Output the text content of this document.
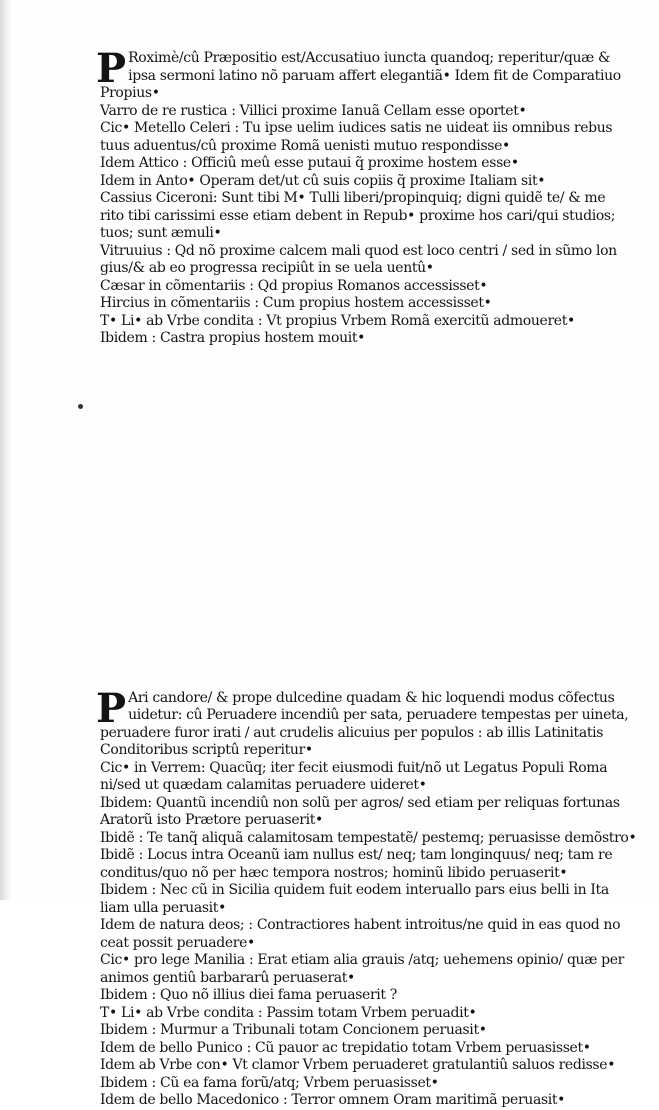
P Roximè/cû Præpositio est/Accusatiuo iuncta quandoq; reperitur/quæ &
ipsa sermoni latino nõ paruam affert elegantiã• Idem fit de Comparatiuo
Propius•
Varro de re rustica : Villici proxime Ianuã Cellam esse oportet•
Cic• Metello Celeri : Tu ipse uelim iudices satis ne uideat iis omnibus rebus
tuus aduentus/cû proxime Romã uenisti mutuo respondisse•
Idem Attico : Officiû meû esse putaui q̃ proxime hostem esse•
Idem in Anto• Operam det/ut cû suis copiis q̃ proxime Italiam sit•
Cassius Ciceroni: Sunt tibi M• Tulli liberi/propinquiq; digni quidẽ te/ & me
rito tibi carissimi esse etiam debent in Repub• proxime hos cari/qui studios;
tuos; sunt æmuli•
Vitruuius : Qd nõ proxime calcem mali quod est loco centri / sed in sũmo lon
gius/& ab eo progressa recipiût in se uela uentû•
Cæsar in cõmentariis : Qd propius Romanos accessisset•
Hircius in cõmentariis : Cum propius hostem accessisset•
T• Li• ab Vrbe condita : Vt propius Vrbem Romã exercitũ admoueret•
Ibidem : Castra propius hostem mouit•
P Ari candore/ & prope dulcedine quadam & hic loquendi modus cõfectus
uidetur: cû Peruadere incendiû per sata, peruadere tempestas per uineta,
peruadere furor irati / aut crudelis alicuius per populos : ab illis Latinitatis
Conditoribus scriptû reperitur•
Cic• in Verrem: Quacũq; iter fecit eiusmodi fuit/nõ ut Legatus Populi Roma
ni/sed ut quædam calamitas peruadere uideret•
Ibidem: Quantũ incendiû non solũ per agros/ sed etiam per reliquas fortunas
Aratorũ isto Prætore peruaserit•
Ibidẽ : Te tanq̃ aliquã calamitosam tempestatẽ/ pestemq; peruasisse demõstro•
Ibidẽ : Locus intra Oceanũ iam nullus est/ neq; tam longinquus/ neq; tam re
conditus/quo nõ per hæc tempora nostros; hominũ libido peruaserit•
Ibidem : Nec cũ in Sicilia quidem fuit eodem interuallo pars eius belli in Ita
liam ulla peruasit•
Idem de natura deos; : Contractiores habent introitus/ne quid in eas quod no
ceat possit peruadere•
Cic• pro lege Manilia : Erat etiam alia grauis /atq; uehemens opinio/ quæ per
animos gentiû barbararû peruaserat•
Ibidem : Quo nõ illius diei fama peruaserit ?
T• Li• ab Vrbe condita : Passim totam Vrbem peruadit•
Ibidem : Murmur a Tribunali totam Concionem peruasit•
Idem de bello Punico : Cũ pauor ac trepidatio totam Vrbem peruasisset•
Idem ab Vrbe con• Vt clamor Vrbem peruaderet gratulantiû saluos redisse•
Ibidem : Cũ ea fama forũ/atq; Vrbem peruasisset•
Idem de bello Macedonico : Terror omnem Oram maritimã peruasit•
